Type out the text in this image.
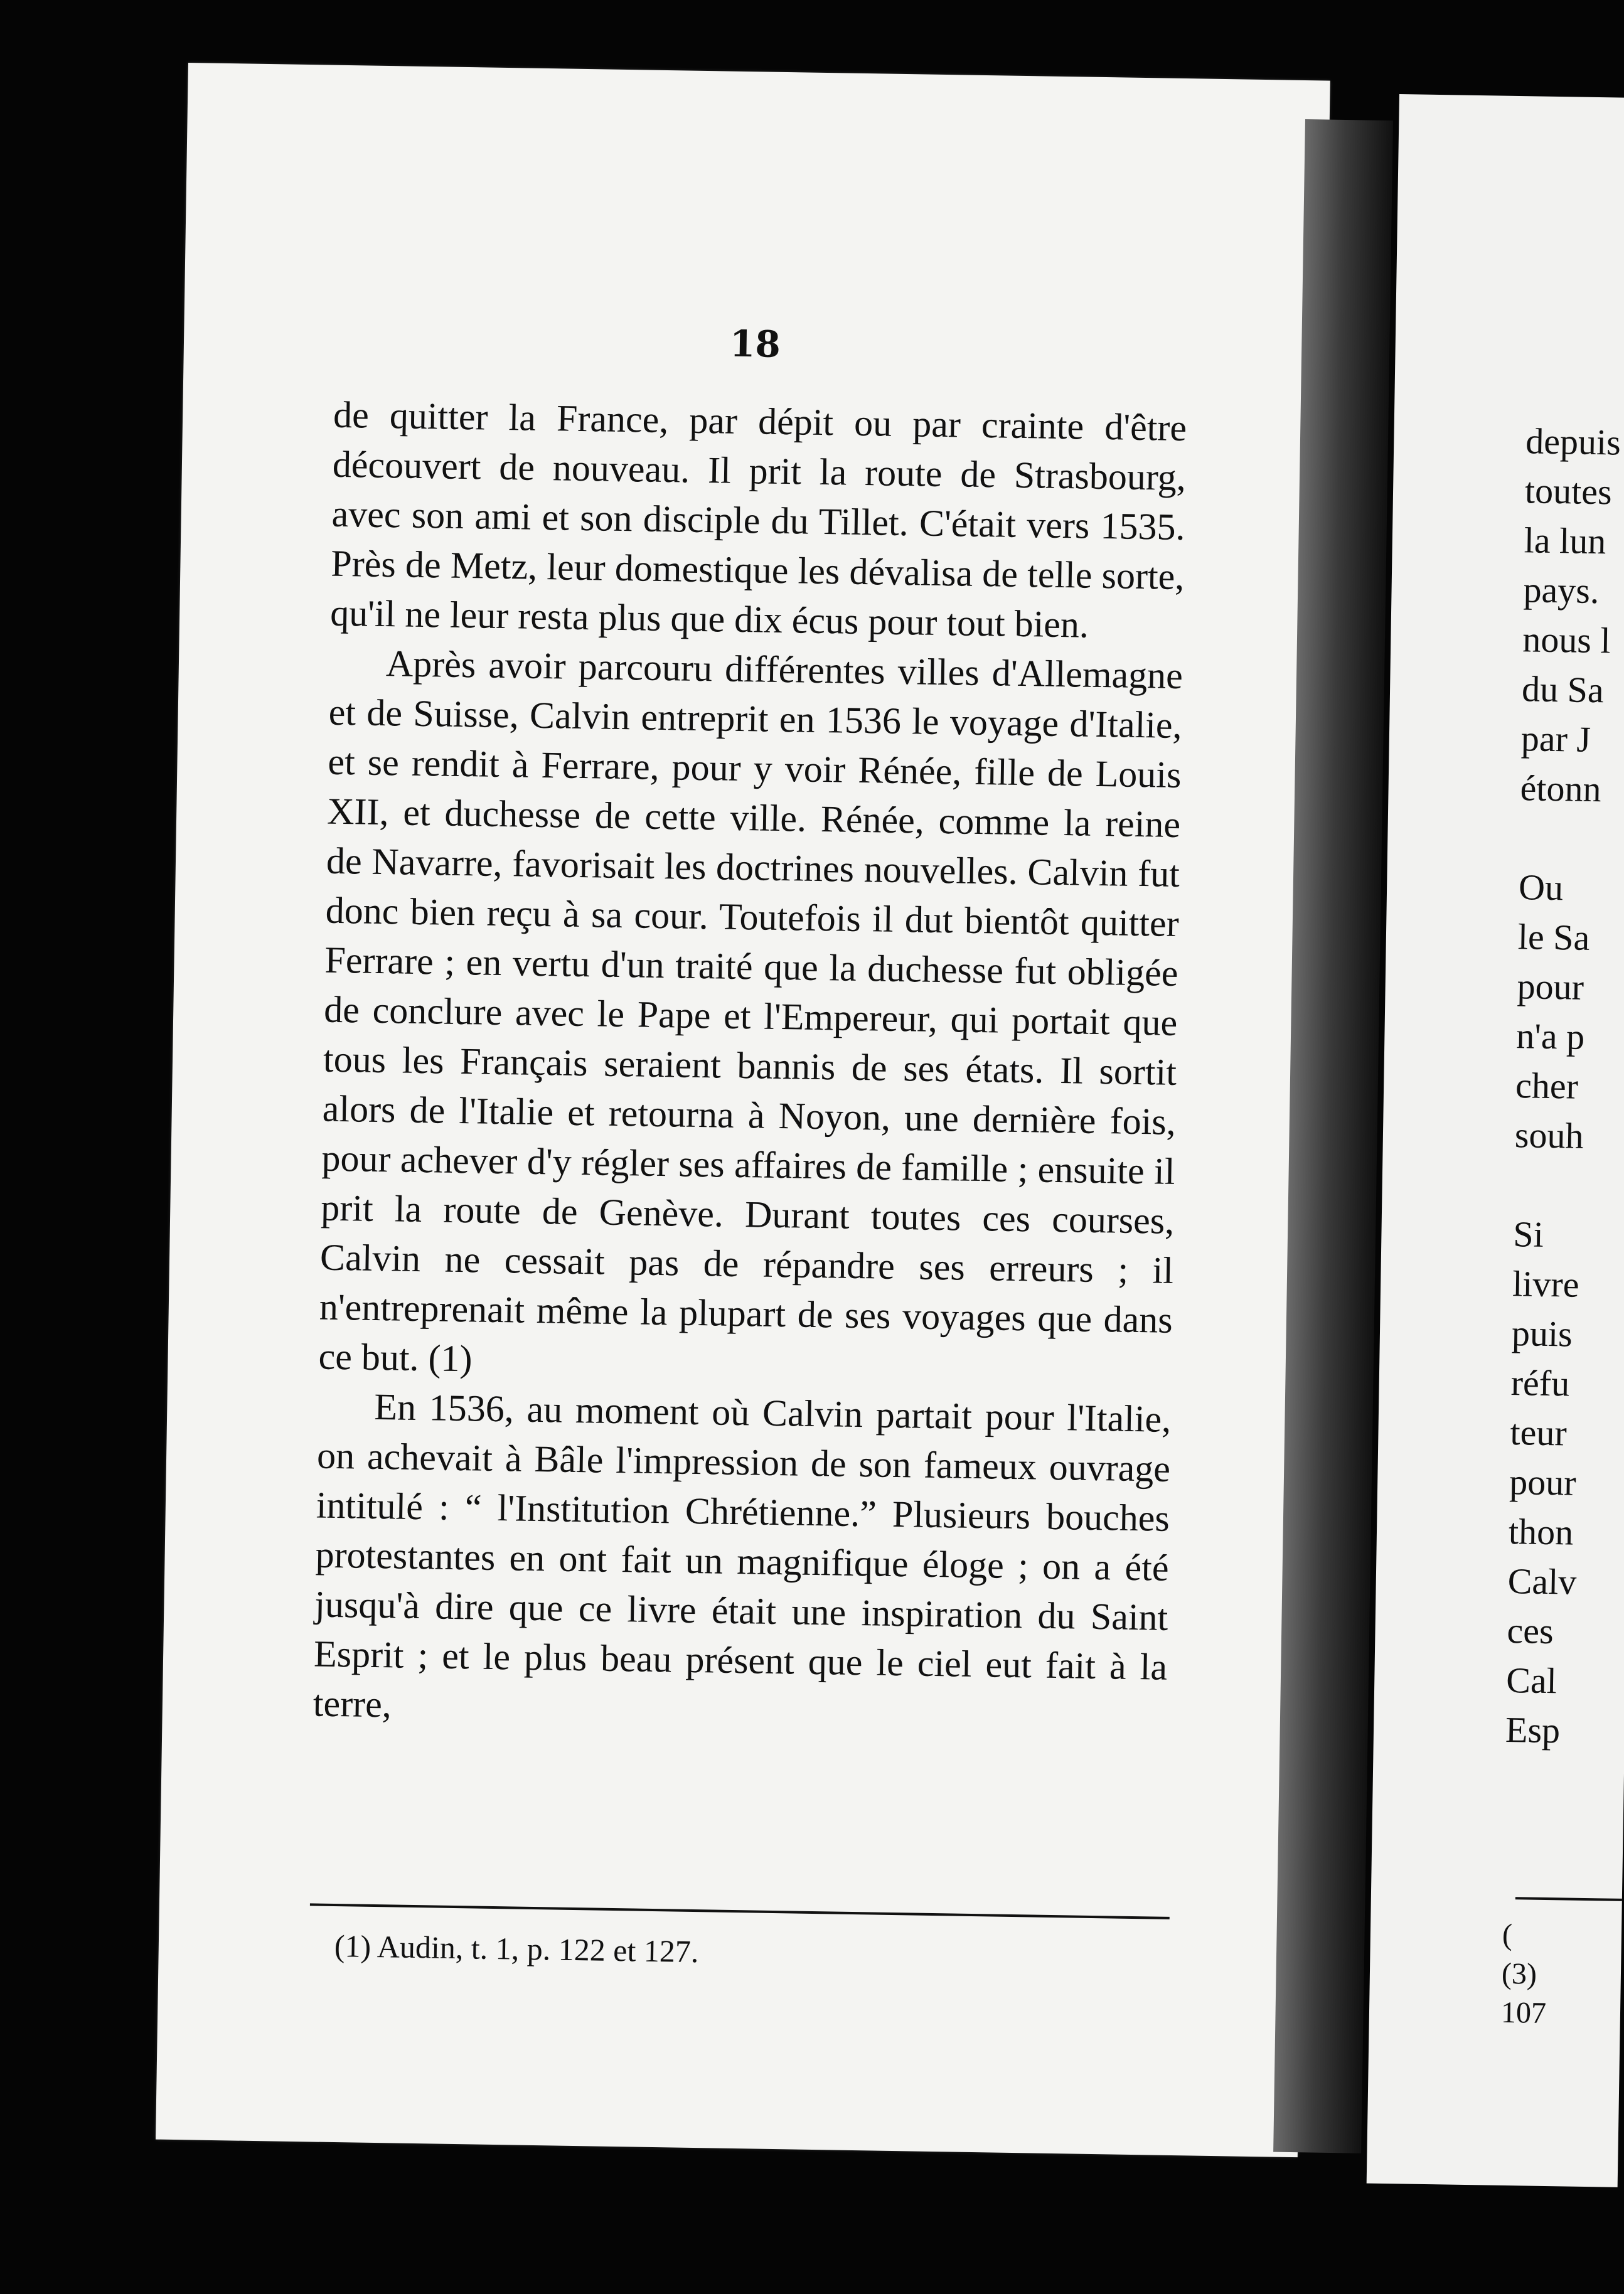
18

de quitter la France, par dépit ou par crainte d'être découvert de nouveau. Il prit la route de Strasbourg, avec son ami et son disciple du Tillet. C'était vers 1535. Près de Metz, leur domestique les dévalisa de telle sorte, qu'il ne leur resta plus que dix écus pour tout bien.

Après avoir parcouru différentes villes d'Allemagne et de Suisse, Calvin entreprit en 1536 le voyage d'Italie, et se rendit à Ferrare, pour y voir Rénée, fille de Louis XII, et duchesse de cette ville. Rénée, comme la reine de Navarre, favorisait les doctrines nouvelles. Calvin fut donc bien reçu à sa cour. Toutefois il dut bientôt quitter Ferrare ; en vertu d'un traité que la duchesse fut obligée de conclure avec le Pape et l'Empereur, qui portait que tous les Français seraient bannis de ses états. Il sortit alors de l'Italie et retourna à Noyon, une dernière fois, pour achever d'y régler ses affaires de famille ; ensuite il prit la route de Genève. Durant toutes ces courses, Calvin ne cessait pas de répandre ses erreurs ; il n'entreprenait même la plupart de ses voyages que dans ce but. (1)

En 1536, au moment où Calvin partait pour l'Italie, on achevait à Bâle l'impression de son fameux ouvrage intitulé : “ l'Institution Chrétienne.” Plusieurs bouches protestantes en ont fait un magnifique éloge ; on a été jusqu'à dire que ce livre était une inspiration du Saint Esprit ; et le plus beau présent que le ciel eut fait à la terre,

(1) Audin, t. 1, p. 122 et 127.
depuis
toutes
la lun
pays.
nous l
du Sa
par J
étonn
Ou
le Sa
pour
n'a p
cher
souh
Si
livre
puis
réfu
teur
pour
thon
Calv
ces
Cal
Esp
(
(3)
107
